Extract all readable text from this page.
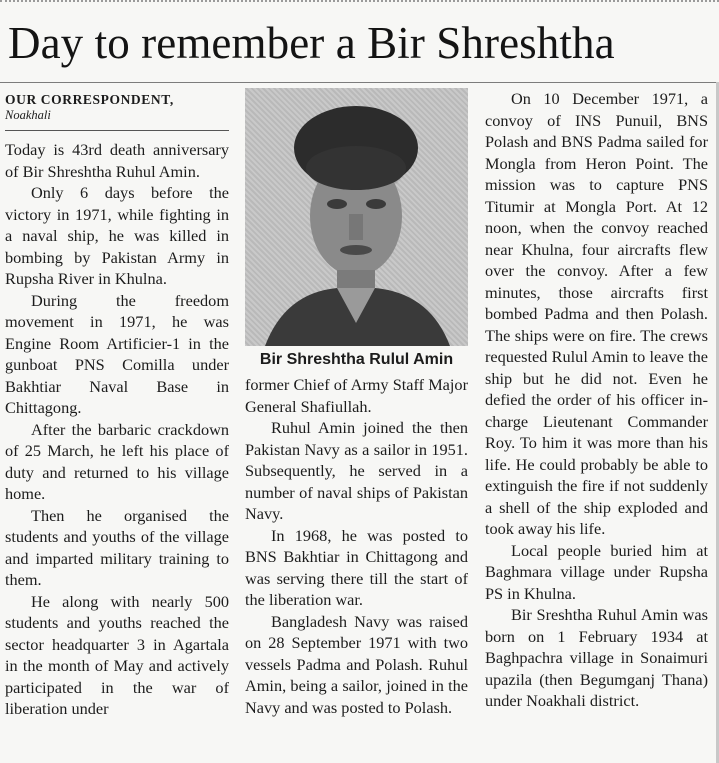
Day to remember a Bir Shreshtha
OUR CORRESPONDENT,
Noakhali

Today is 43rd death anniversary of Bir Shreshtha Ruhul Amin.

Only 6 days before the victory in 1971, while fighting in a naval ship, he was killed in bombing by Pakistan Army in Rupsha River in Khulna.

During the freedom movement in 1971, he was Engine Room Artificier-1 in the gunboat PNS Comilla under Bakhtiar Naval Base in Chittagong.

After the barbaric crackdown of 25 March, he left his place of duty and returned to his village home.

Then he organised the students and youths of the village and imparted military training to them.

He along with nearly 500 students and youths reached the sector headquarter 3 in Agartala in the month of May and actively participated in the war of liberation under

Bir Shreshtha Rulul Amin

former Chief of Army Staff Major General Shafiullah.

Ruhul Amin joined the then Pakistan Navy as a sailor in 1951. Subsequently, he served in a number of naval ships of Pakistan Navy.

In 1968, he was posted to BNS Bakhtiar in Chittagong and was serving there till the start of the liberation war.

Bangladesh Navy was raised on 28 September 1971 with two vessels Padma and Polash. Ruhul Amin, being a sailor, joined in the Navy and was posted to Polash.

On 10 December 1971, a convoy of INS Punuil, BNS Polash and BNS Padma sailed for Mongla from Heron Point. The mission was to capture PNS Titumir at Mongla Port. At 12 noon, when the convoy reached near Khulna, four aircrafts flew over the convoy. After a few minutes, those aircrafts first bombed Padma and then Polash. The ships were on fire. The crews requested Rulul Amin to leave the ship but he did not. Even he defied the order of his officer in-charge Lieutenant Commander Roy. To him it was more than his life. He could probably be able to extinguish the fire if not suddenly a shell of the ship exploded and took away his life.

Local people buried him at Baghmara village under Rupsha PS in Khulna.

Bir Sreshtha Ruhul Amin was born on 1 February 1934 at Baghpachra village in Sonaimuri upazila (then Begumganj Thana) under Noakhali district.
